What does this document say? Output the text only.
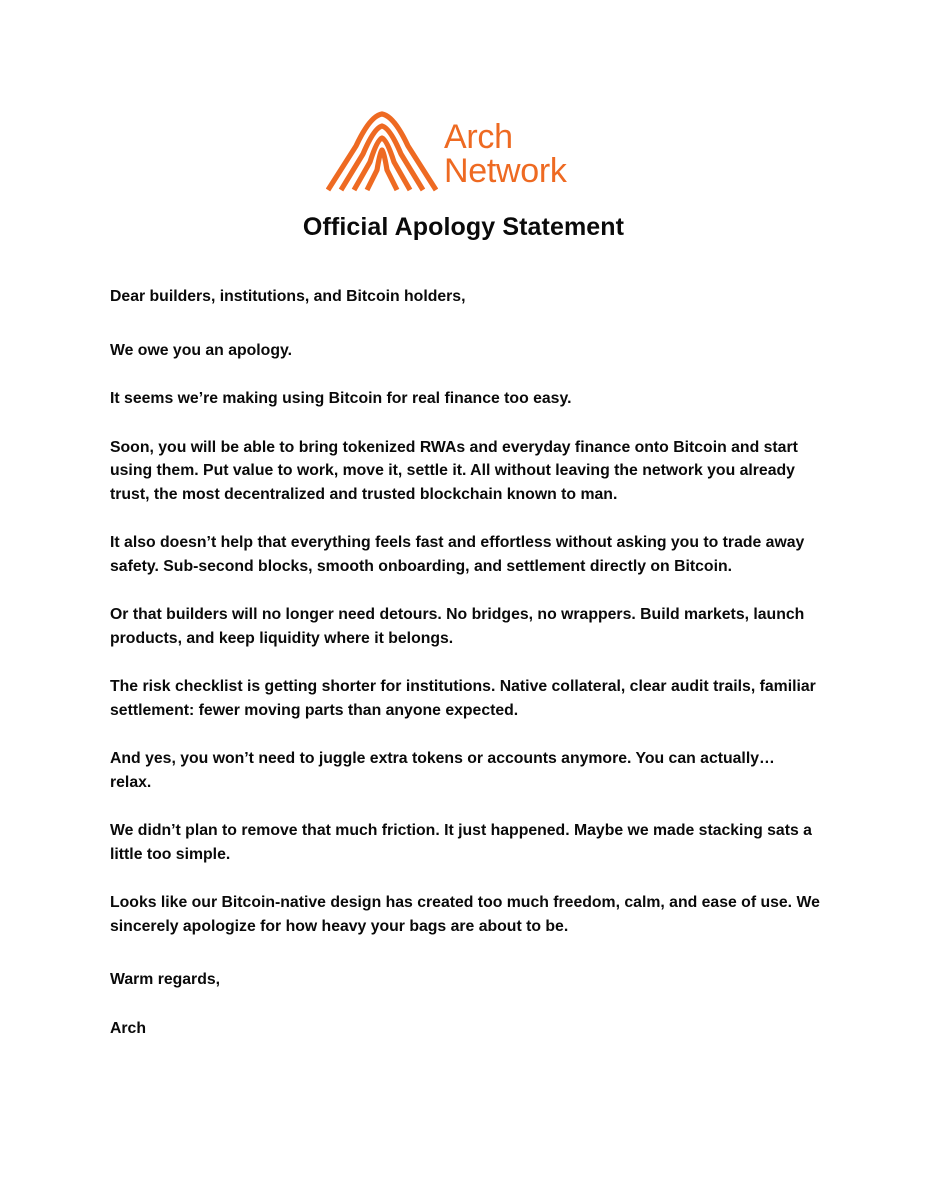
Arch
Network
Official Apology Statement

Dear builders, institutions, and Bitcoin holders,

We owe you an apology.

It seems we’re making using Bitcoin for real finance too easy.

Soon, you will be able to bring tokenized RWAs and everyday finance onto Bitcoin and start using them. Put value to work, move it, settle it. All without leaving the network you already trust, the most decentralized and trusted blockchain known to man.

It also doesn’t help that everything feels fast and effortless without asking you to trade away safety. Sub-second blocks, smooth onboarding, and settlement directly on Bitcoin.

Or that builders will no longer need detours. No bridges, no wrappers. Build markets, launch products, and keep liquidity where it belongs.

The risk checklist is getting shorter for institutions. Native collateral, clear audit trails, familiar settlement: fewer moving parts than anyone expected.

And yes, you won’t need to juggle extra tokens or accounts anymore. You can actually… relax.

We didn’t plan to remove that much friction. It just happened. Maybe we made stacking sats a little too simple.

Looks like our Bitcoin-native design has created too much freedom, calm, and ease of use. We sincerely apologize for how heavy your bags are about to be.

Warm regards,

Arch
